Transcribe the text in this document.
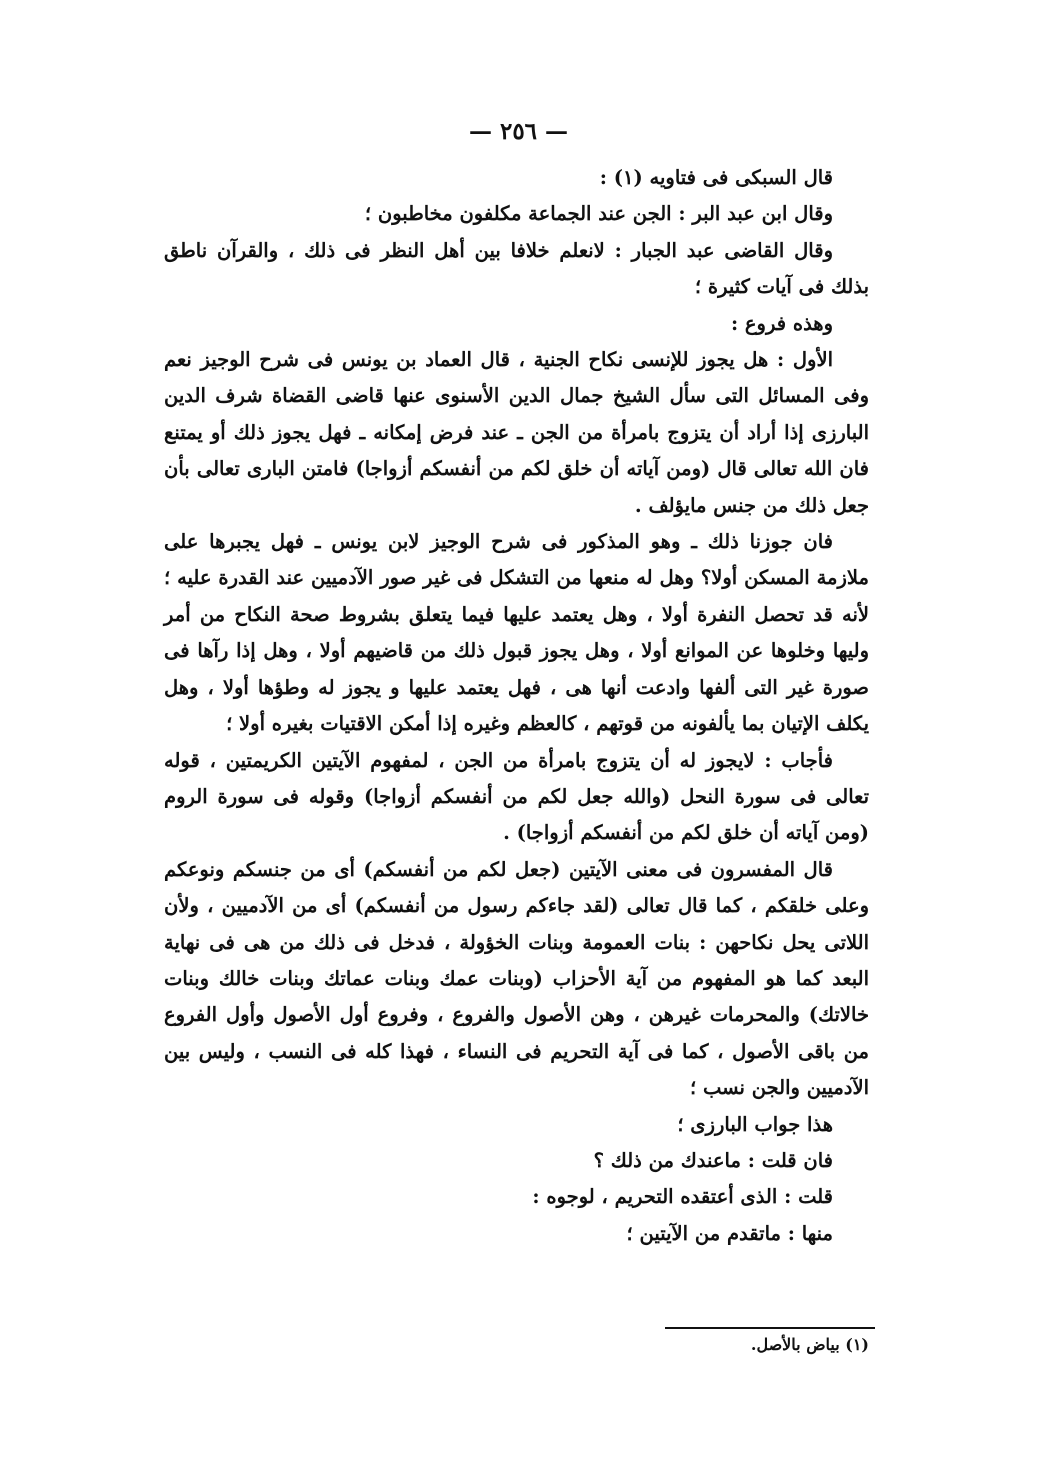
— ٢٥٦ —

قال السبكى فى فتاويه (١) :

وقال ابن عبد البر : الجن عند الجماعة مكلفون مخاطبون ؛

وقال القاضى عبد الجبار : لانعلم خلافا بين أهل النظر فى ذلك ، والقرآن ناطق بذلك فى آيات كثيرة ؛

وهذه فروع :

الأول : هل يجوز للإنسى نكاح الجنية ، قال العماد بن يونس فى شرح الوجيز نعم وفى المسائل التى سأل الشيخ جمال الدين الأسنوى عنها قاضى القضاة شرف الدين البارزى إذا أراد أن يتزوج بامرأة من الجن ـ عند فرض إمكانه ـ فهل يجوز ذلك أو يمتنع فان الله تعالى قال (ومن آياته أن خلق لكم من أنفسكم أزواجا) فامتن البارى تعالى بأن جعل ذلك من جنس مايؤلف .

فان جوزنا ذلك ـ وهو المذكور فى شرح الوجيز لابن يونس ـ فهل يجبرها على ملازمة المسكن أولا؟ وهل له منعها من التشكل فى غير صور الآدميين عند القدرة عليه ؛ لأنه قد تحصل النفرة أولا ، وهل يعتمد عليها فيما يتعلق بشروط صحة النكاح من أمر وليها وخلوها عن الموانع أولا ، وهل يجوز قبول ذلك من قاضيهم أولا ، وهل إذا رآها فى صورة غير التى ألفها وادعت أنها هى ، فهل يعتمد عليها و يجوز له وطؤها أولا ، وهل يكلف الإتيان بما يألفونه من قوتهم ، كالعظم وغيره إذا أمكن الاقتيات بغيره أولا ؛

فأجاب : لايجوز له أن يتزوج بامرأة من الجن ، لمفهوم الآيتين الكريمتين ، قوله تعالى فى سورة النحل (والله جعل لكم من أنفسكم أزواجا) وقوله فى سورة الروم (ومن آياته أن خلق لكم من أنفسكم أزواجا) .

قال المفسرون فى معنى الآيتين (جعل لكم من أنفسكم) أى من جنسكم ونوعكم وعلى خلقكم ، كما قال تعالى (لقد جاءكم رسول من أنفسكم) أى من الآدميين ، ولأن اللاتى يحل نكاحهن : بنات العمومة وبنات الخؤولة ، فدخل فى ذلك من هى فى نهاية البعد كما هو المفهوم من آية الأحزاب (وبنات عمك وبنات عماتك وبنات خالك وبنات خالاتك) والمحرمات غيرهن ، وهن الأصول والفروع ، وفروع أول الأصول وأول الفروع من باقى الأصول ، كما فى آية التحريم فى النساء ، فهذا كله فى النسب ، وليس بين الآدميين والجن نسب ؛

هذا جواب البارزى ؛

فان قلت : ماعندك من ذلك ؟

قلت : الذى أعتقده التحريم ، لوجوه :

منها : ماتقدم من الآيتين ؛

(١) بياض بالأصل.
